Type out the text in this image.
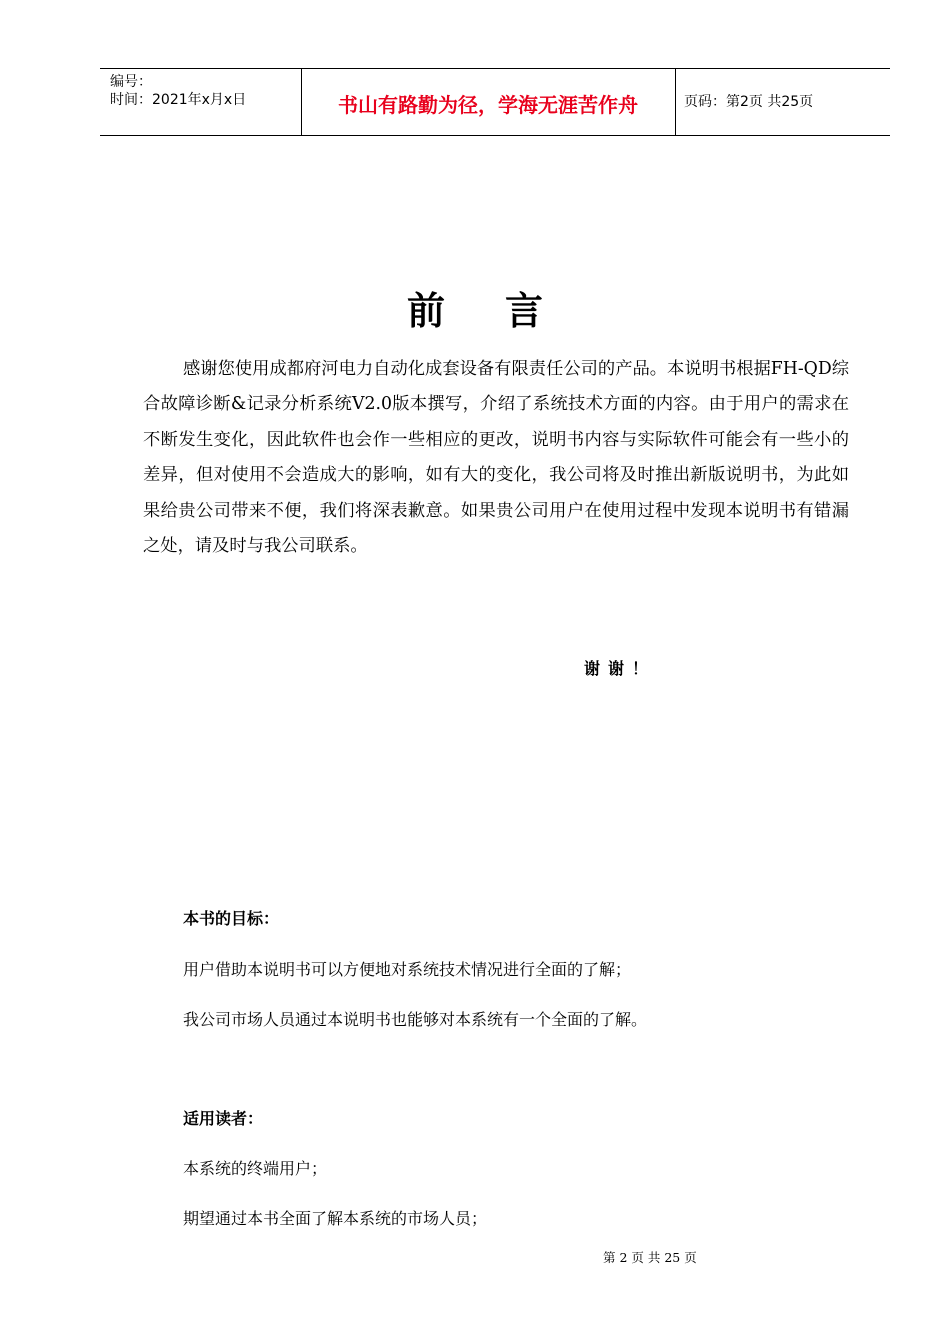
编号：
时间：2021年x月x日	书山有路勤为径，学海无涯苦作舟	页码：第2页 共25页
前言
感谢您使用成都府河电力自动化成套设备有限责任公司的产品。本说明书根据FH-QD综合故障诊断&记录分析系统V2.0版本撰写，介绍了系统技术方面的内容。由于用户的需求在不断发生变化，因此软件也会作一些相应的更改，说明书内容与实际软件可能会有一些小的差异，但对使用不会造成大的影响，如有大的变化，我公司将及时推出新版说明书，为此如果给贵公司带来不便，我们将深表歉意。如果贵公司用户在使用过程中发现本说明书有错漏之处，请及时与我公司联系。
谢谢！
本书的目标：
用户借助本说明书可以方便地对系统技术情况进行全面的了解；
我公司市场人员通过本说明书也能够对本系统有一个全面的了解。
适用读者：
本系统的终端用户；
期望通过本书全面了解本系统的市场人员；
第 2 页 共 25 页
